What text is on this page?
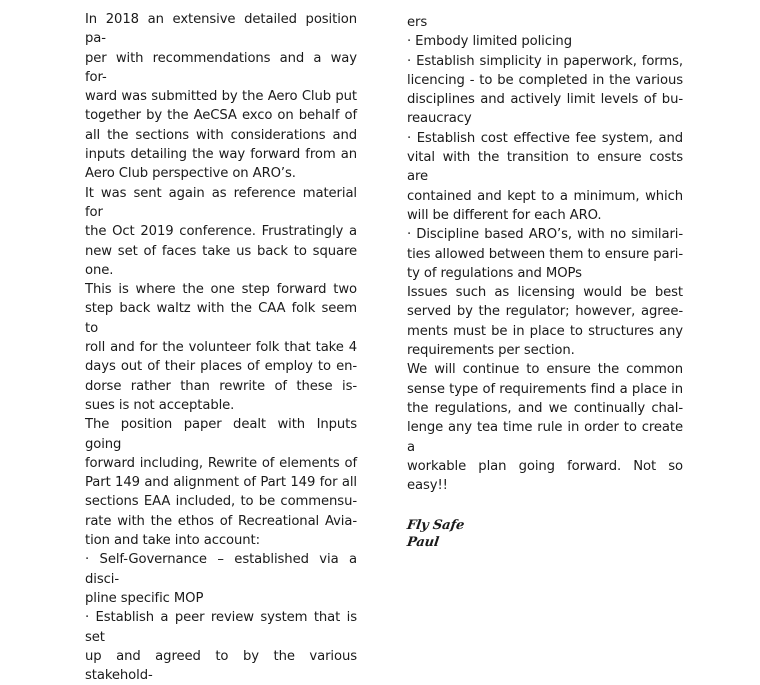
In 2018 an extensive detailed position pa-
per with recommendations and a way for-
ward was submitted by the Aero Club put
together by the AeCSA exco on behalf of
all the sections with considerations and
inputs detailing the way forward from an
Aero Club perspective on ARO’s.
It was sent again as reference material for
the Oct 2019 conference. Frustratingly a
new set of faces take us back to square
one.
This is where the one step forward two
step back waltz with the CAA folk seem to
roll and for the volunteer folk that take 4
days out of their places of employ to en-
dorse rather than rewrite of these is-
sues is not acceptable.
The position paper dealt with Inputs going
forward including, Rewrite of elements of
Part 149 and alignment of Part 149 for all
sections EAA included, to be commensu-
rate with the ethos of Recreational Avia-
tion and take into account:
· Self-Governance – established via a disci-
pline specific MOP
· Establish a peer review system that is set
up and agreed to by the various stakehold-
ers
· Embody limited policing
· Establish simplicity in paperwork, forms,
licencing - to be completed in the various
disciplines and actively limit levels of bu-
reaucracy
· Establish cost effective fee system, and
vital with the transition to ensure costs are
contained and kept to a minimum, which
will be different for each ARO.
· Discipline based ARO’s, with no similari-
ties allowed between them to ensure pari-
ty of regulations and MOPs
Issues such as licensing would be best
served by the regulator; however, agree-
ments must be in place to structures any
requirements per section.
We will continue to ensure the common
sense type of requirements find a place in
the regulations, and we continually chal-
lenge any tea time rule in order to create a
workable plan going forward. Not so
easy!!
Fly Safe
Paul
